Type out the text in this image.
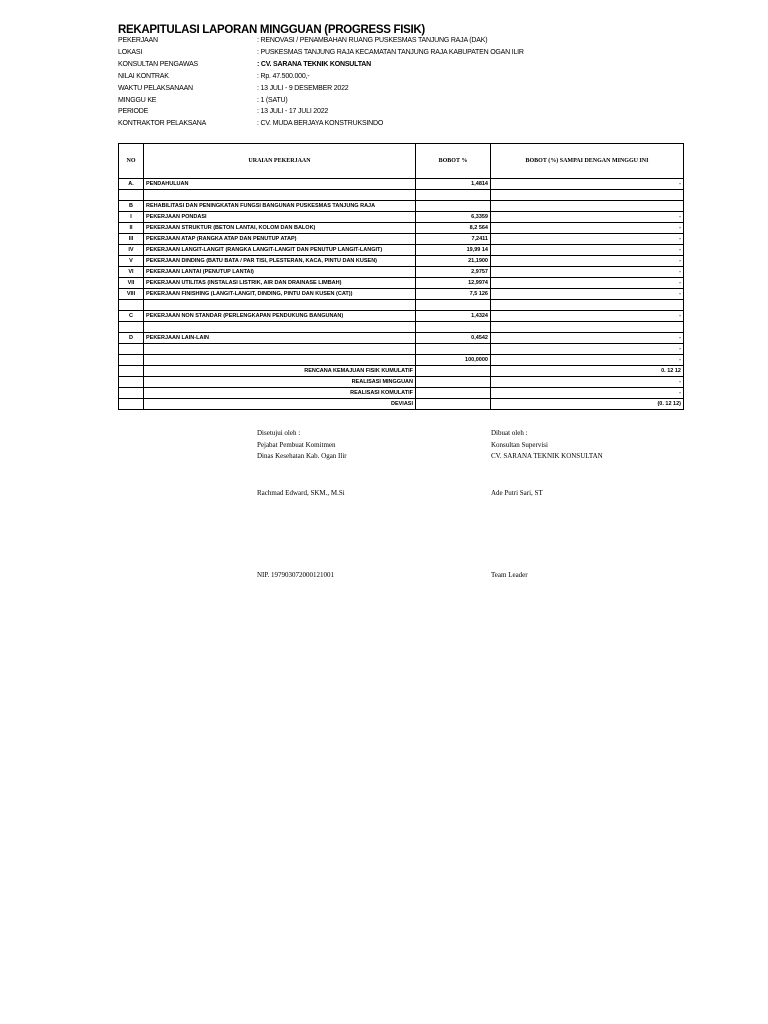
REKAPITULASI LAPORAN MINGGUAN (PROGRESS FISIK)
PEKERJAAN	: RENOVASI / PENAMBAHAN RUANG PUSKESMAS TANJUNG RAJA (DAK)
LOKASI	: PUSKESMAS TANJUNG RAJA KECAMATAN TANJUNG RAJA KABUPATEN OGAN ILIR
KONSULTAN PENGAWAS	: CV. SARANA TEKNIK KONSULTAN
NILAI KONTRAK	: Rp. 47.500.000,-
WAKTU PELAKSANAAN	: 13 JULI - 9 DESEMBER 2022
MINGGU KE	: 1 (SATU)
PERIODE	: 13 JULI - 17 JULI 2022
KONTRAKTOR PELAKSANA	: CV. MUDA BERJAYA KONSTRUKSINDO
NO	URAIAN PEKERJAAN	BOBOT %	BOBOT (%) SAMPAI DENGAN MINGGU INI
A.	PENDAHULUAN	1,4814	-

B	REHABILITASI DAN PENINGKATAN FUNGSI BANGUNAN PUSKESMAS TANJUNG RAJA		
I	PEKERJAAN PONDASI	6,3359	-
II	PEKERJAAN STRUKTUR (BETON LANTAI, KOLOM DAN BALOK)	8,2 564	-
III	PEKERJAAN ATAP (RANGKA ATAP DAN PENUTUP ATAP)	7,2411	-
IV	PEKERJAAN LANGIT-LANGIT (RANGKA LANGIT-LANGIT DAN PENUTUP LANGIT-LANGIT)	19,99 14	-
V	PEKERJAAN DINDING (BATU BATA / PAR TISI, PLESTERAN, KACA, PINTU DAN KUSEN)	21,1900	-
VI	PEKERJAAN LANTAI (PENUTUP LANTAI)	2,9757	-
VII	PEKERJAAN UTILITAS (INSTALASI LISTRIK, AIR DAN DRAINASE LIMBAH)	12,9974	-
VIII	PEKERJAAN FINISHING (LANGIT-LANGIT, DINDING, PINTU DAN KUSEN (CAT))	7,5 126	-

C	PEKERJAAN NON STANDAR (PERLENGKAPAN PENDUKUNG BANGUNAN)	1,4324	-

D	PEKERJAAN LAIN-LAIN	0,4542	-
			-
		100,0000	-
	RENCANA KEMAJUAN FISIK KUMULATIF		0. 12 12
	REALISASI MINGGUAN		-
	REALISASI KOMULATIF		-
	DEVIASI		(0. 12 12)
Disetujui oleh :
Pejabat Pembuat Komitmen
Dinas Kesehatan Kab. Ogan Ilir
Rachmad Edward, SKM., M.Si
NIP. 197903072000121001
Dibuat oleh :
Konsultan Supervisi
CV. SARANA TEKNIK KONSULTAN
Ade Putri Sari, ST
Team Leader
